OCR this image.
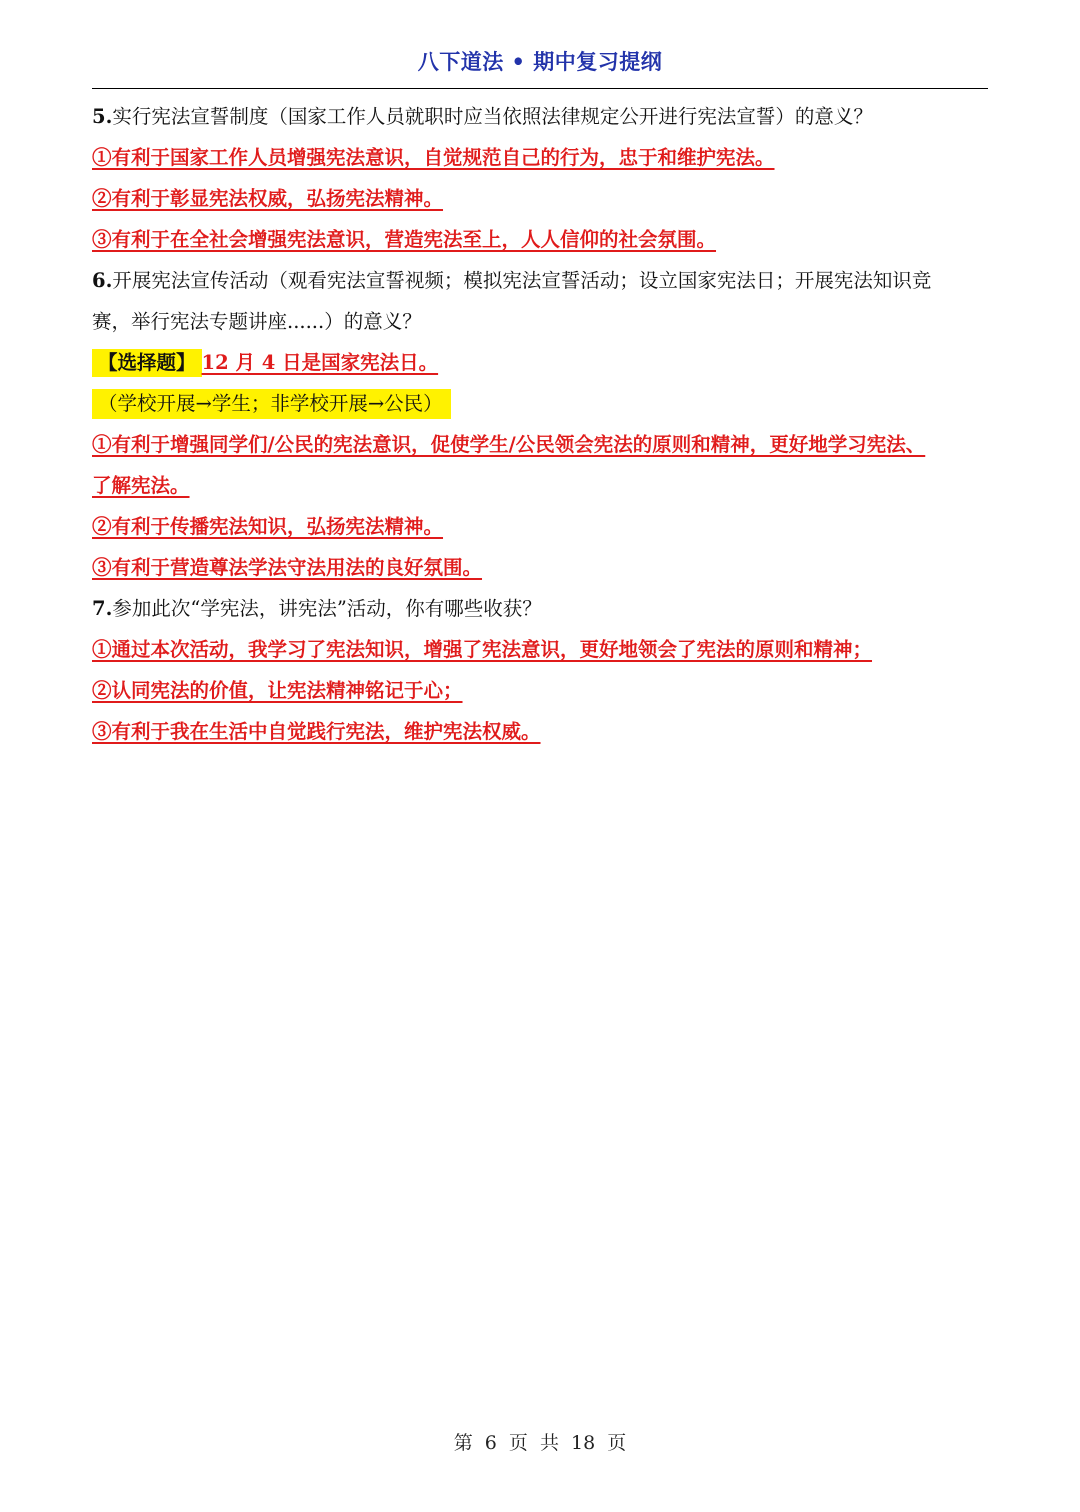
八下道法 • 期中复习提纲
5.实行宪法宣誓制度（国家工作人员就职时应当依照法律规定公开进行宪法宣誓）的意义？
①有利于国家工作人员增强宪法意识，自觉规范自己的行为，忠于和维护宪法。
②有利于彰显宪法权威，弘扬宪法精神。
③有利于在全社会增强宪法意识，营造宪法至上，人人信仰的社会氛围。
6.开展宪法宣传活动（观看宪法宣誓视频；模拟宪法宣誓活动；设立国家宪法日；开展宪法知识竞
赛，举行宪法专题讲座......）的意义？
【选择题】 12 月 4 日是国家宪法日。
（学校开展→学生；非学校开展→公民）
①有利于增强同学们/公民的宪法意识，促使学生/公民领会宪法的原则和精神，更好地学习宪法、
了解宪法。
②有利于传播宪法知识，弘扬宪法精神。
③有利于营造尊法学法守法用法的良好氛围。
7.参加此次“学宪法，讲宪法”活动，你有哪些收获？
①通过本次活动，我学习了宪法知识，增强了宪法意识，更好地领会了宪法的原则和精神；
②认同宪法的价值，让宪法精神铭记于心；
③有利于我在生活中自觉践行宪法，维护宪法权威。
第 6 页 共 18 页
